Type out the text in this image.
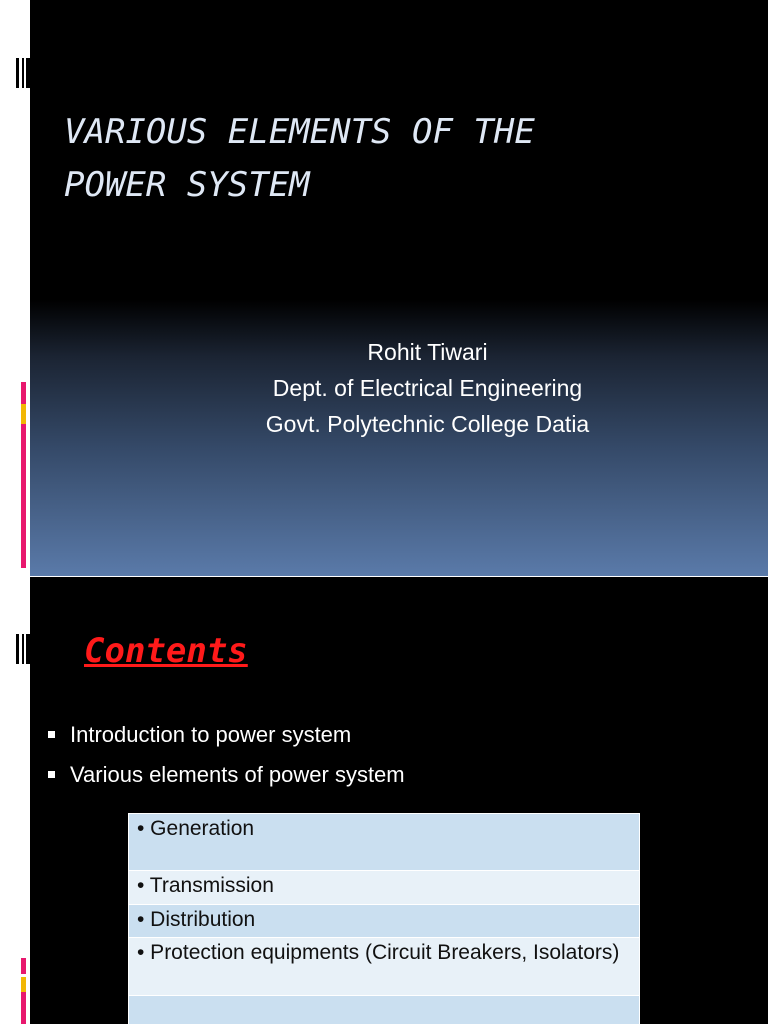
VARIOUS ELEMENTS OF THE
POWER SYSTEM
Rohit Tiwari
Dept. of Electrical Engineering
Govt. Polytechnic College Datia
Contents
Introduction to power system
Various elements of power system
• Generation
• Transmission
• Distribution
• Protection equipments (Circuit Breakers, Isolators)
